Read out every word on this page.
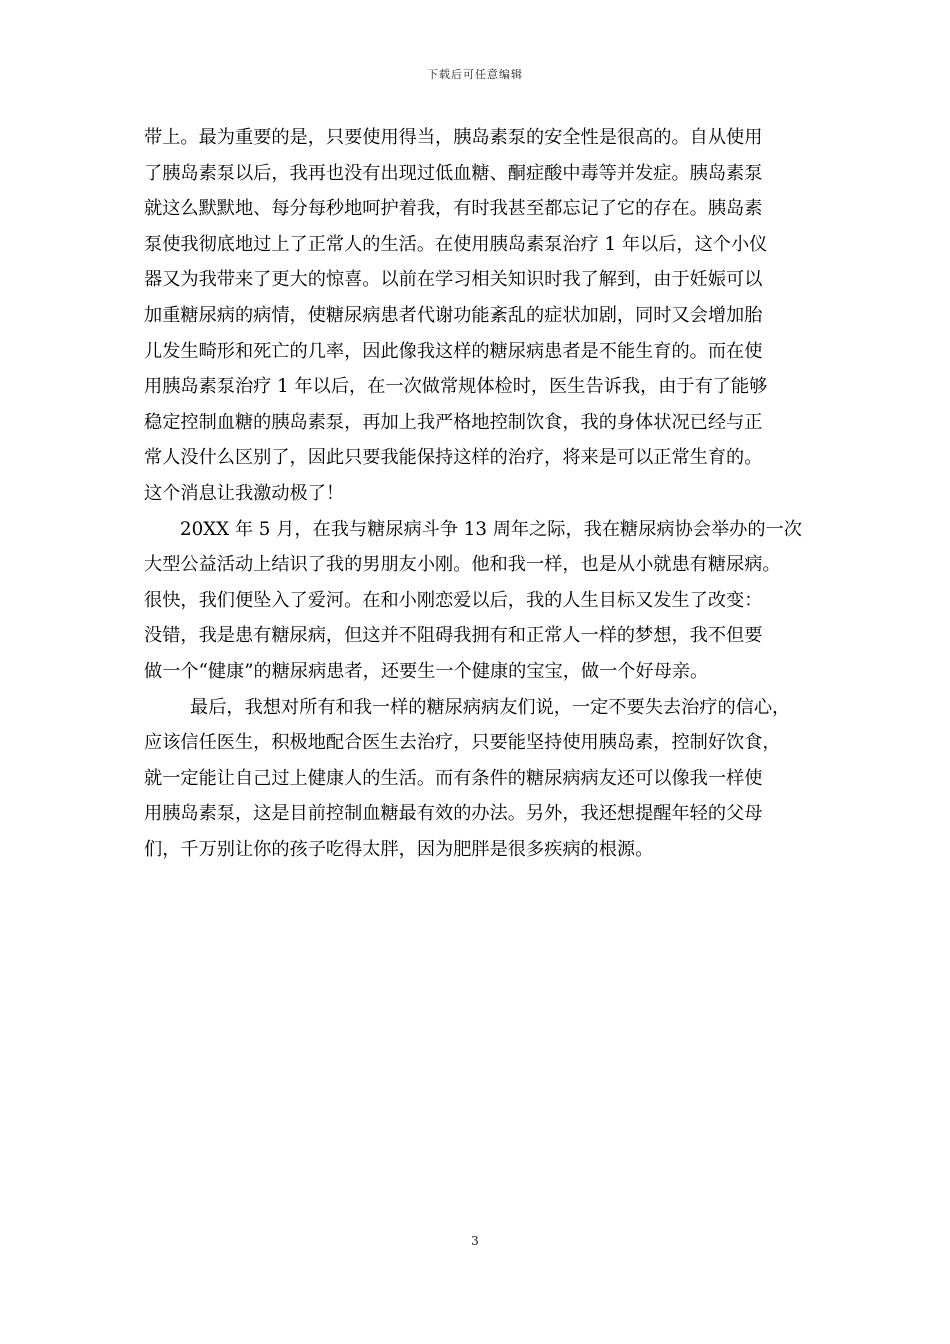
下载后可任意编辑
带上。最为重要的是，只要使用得当，胰岛素泵的安全性是很高的。自从使用
了胰岛素泵以后，我再也没有出现过低血糖、酮症酸中毒等并发症。胰岛素泵
就这么默默地、每分每秒地呵护着我，有时我甚至都忘记了它的存在。胰岛素
泵使我彻底地过上了正常人的生活。在使用胰岛素泵治疗 1 年以后，这个小仪
器又为我带来了更大的惊喜。以前在学习相关知识时我了解到，由于妊娠可以
加重糖尿病的病情，使糖尿病患者代谢功能紊乱的症状加剧，同时又会增加胎
儿发生畸形和死亡的几率，因此像我这样的糖尿病患者是不能生育的。而在使
用胰岛素泵治疗 1 年以后，在一次做常规体检时，医生告诉我，由于有了能够
稳定控制血糖的胰岛素泵，再加上我严格地控制饮食，我的身体状况已经与正
常人没什么区别了，因此只要我能保持这样的治疗，将来是可以正常生育的。
这个消息让我激动极了！
20XX 年 5 月，在我与糖尿病斗争 13 周年之际，我在糖尿病协会举办的一次
大型公益活动上结识了我的男朋友小刚。他和我一样，也是从小就患有糖尿病。
很快，我们便坠入了爱河。在和小刚恋爱以后，我的人生目标又发生了改变：
没错，我是患有糖尿病，但这并不阻碍我拥有和正常人一样的梦想，我不但要
做一个“健康”的糖尿病患者，还要生一个健康的宝宝，做一个好母亲。
最后，我想对所有和我一样的糖尿病病友们说，一定不要失去治疗的信心，
应该信任医生，积极地配合医生去治疗，只要能坚持使用胰岛素，控制好饮食，
就一定能让自己过上健康人的生活。而有条件的糖尿病病友还可以像我一样使
用胰岛素泵，这是目前控制血糖最有效的办法。另外，我还想提醒年轻的父母
们，千万别让你的孩子吃得太胖，因为肥胖是很多疾病的根源。
3
